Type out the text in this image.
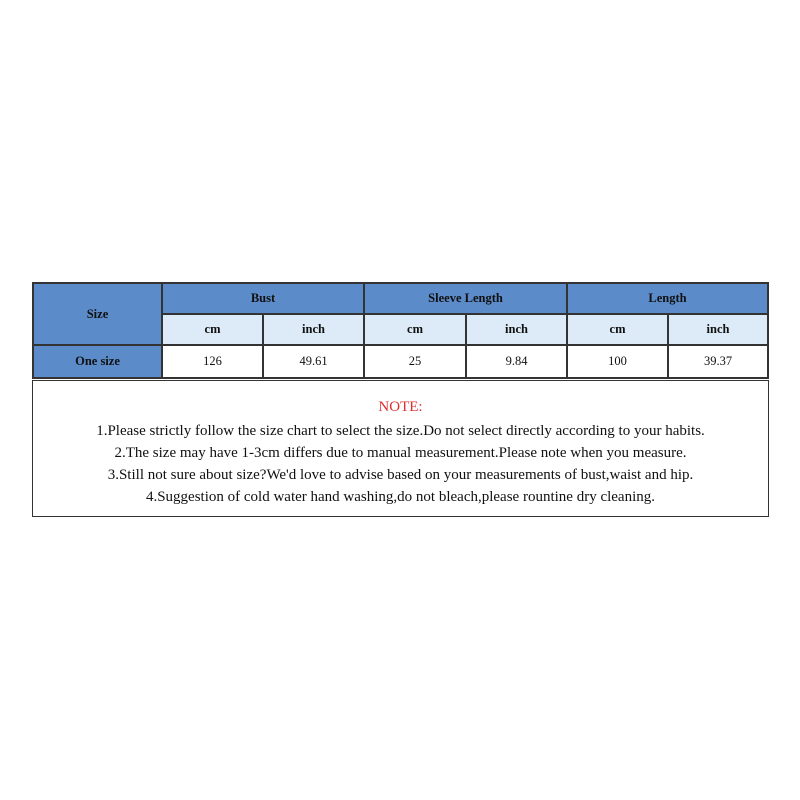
Size
Bust	Sleeve Length	Length
cm	inch	cm	inch	cm	inch
One size	126	49.61	25	9.84	100	39.37
NOTE:
1.Please strictly follow the size chart to select the size.Do not select directly according to your habits.
2.The size may have 1-3cm differs due to manual measurement.Please note when you measure.
3.Still not sure about size?We'd love to advise based on your measurements of bust,waist and hip.
4.Suggestion of cold water hand washing,do not bleach,please rountine dry cleaning.
